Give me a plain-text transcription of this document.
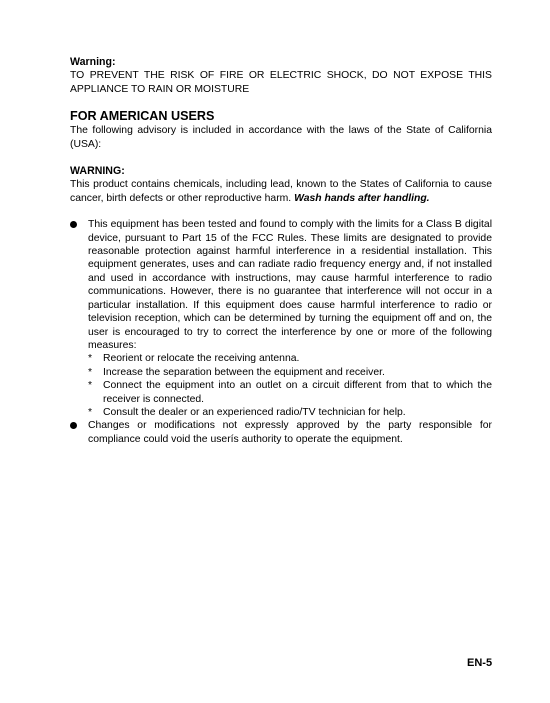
Warning:
TO PREVENT THE RISK OF FIRE OR ELECTRIC SHOCK, DO NOT EXPOSE THIS APPLIANCE TO RAIN OR MOISTURE
FOR AMERICAN USERS
The following advisory is included in accordance with the laws of the State of California (USA):
WARNING:
This product contains chemicals, including lead, known to the States of California to cause cancer, birth defects or other reproductive harm. Wash hands after handling.
This equipment has been tested and found to comply with the limits for a Class B digital device, pursuant to Part 15 of the FCC Rules. These limits are designated to provide reasonable protection against harmful interference in a residential installation. This equipment generates, uses and can radiate radio frequency energy and, if not installed and used in accordance with instructions, may cause harmful interference to radio communications. However, there is no guarantee that interference will not occur in a particular installation. If this equipment does cause harmful interference to radio or television reception, which can be determined by turning the equipment off and on, the user is encouraged to try to correct the interference by one or more of the following measures:
* Reorient or relocate the receiving antenna.
* Increase the separation between the equipment and receiver.
* Connect the equipment into an outlet on a circuit different from that to which the receiver is connected.
* Consult the dealer or an experienced radio/TV technician for help.
Changes or modifications not expressly approved by the party responsible for compliance could void the userís authority to operate the equipment.
EN-5
